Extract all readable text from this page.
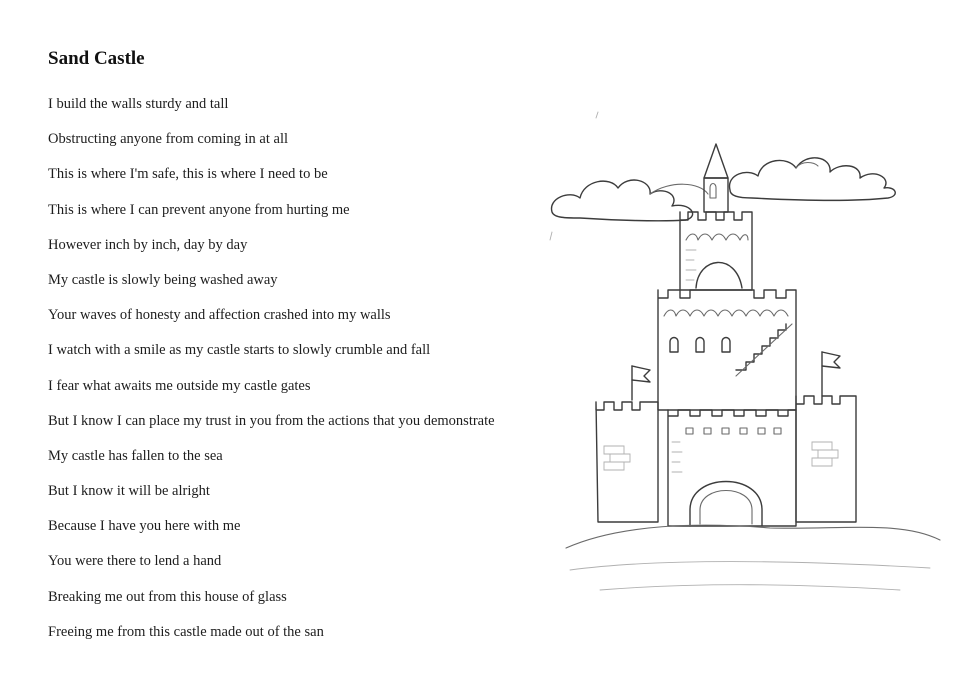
Sand Castle
I build the walls sturdy and tall
Obstructing anyone from coming in at all
This is where I'm safe, this is where I need to be
This is where I can prevent anyone from hurting me
However inch by inch, day by day
My castle is slowly being washed away
Your waves of honesty and affection crashed into my walls
I watch with a smile as my castle starts to slowly crumble and fall
I fear what awaits me outside my castle gates
But I know I can place my trust in you from the actions that you demonstrate
My castle has fallen to the sea
But I know it will be alright
Because I have you here with me
You were there to lend a hand
Breaking me out from this house of glass
Freeing me from this castle made out of the san
